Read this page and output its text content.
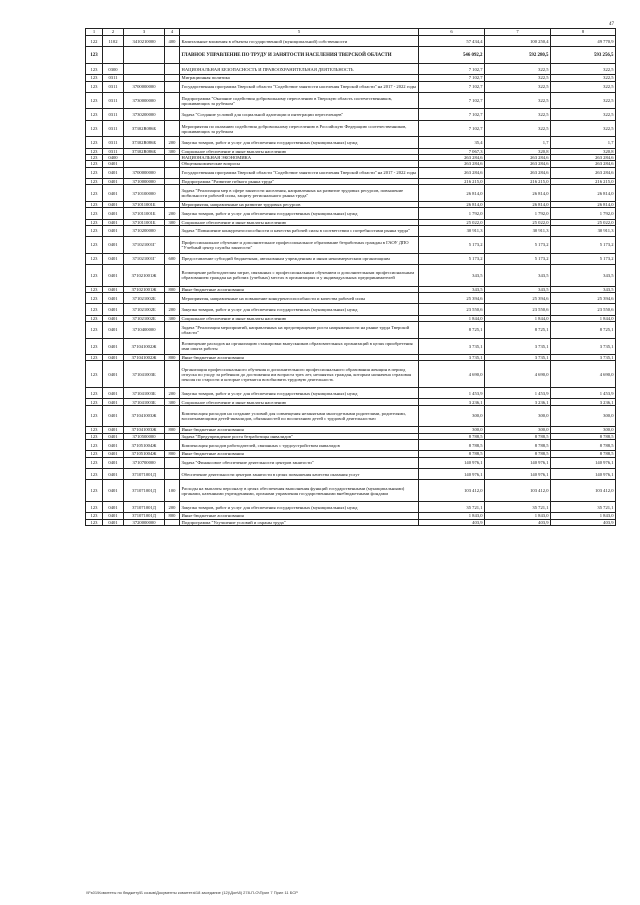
47
1	2	3	4	5	6	7	8
122	1102	3410210000	400	Капитальные вложения в объекты государственной (муниципальной) собственности	57 434,4	100 250,4	49 770,9
123				ГЛАВНОЕ УПРАВЛЕНИЕ ПО ТРУДУ И ЗАНЯТОСТИ НАСЕЛЕНИЯ ТВЕРСКОЙ ОБЛАСТИ	546 092,2	592 280,5	593 256,5
123	0300			НАЦИОНАЛЬНАЯ БЕЗОПАСНОСТЬ И ПРАВООХРАНИТЕЛЬНАЯ ДЕЯТЕЛЬНОСТЬ	7 102,7	322,5	322,5
123	0311			Миграционная политика	7 102,7	322,5	322,5
123	0311	3700000000		Государственная программа Тверской области "Содействие занятости населения Тверской области" на 2017 - 2022 годы	7 102,7	322,5	322,5
123	0311	3730000000		Подпрограмма "Оказание содействия добровольному переселению в Тверскую область соотечественников, проживающих за рубежом"	7 102,7	322,5	322,5
123	0311	3730200000		Задача "Создание условий для социальной адаптации и интеграции переселенцев"	7 102,7	322,5	322,5
123	0311	37302R086Б		Мероприятия по оказанию содействия добровольному переселению в Российскую Федерацию соотечественников, проживающих за рубежом	7 102,7	322,5	322,5
123	0311	37302R086Б	200	Закупка товаров, работ и услуг для обеспечения государственных (муниципальных) нужд	35,4	1,7	1,7
123	0311	37302R086Б	300	Социальное обеспечение и иные выплаты населению	7 067,3	320,8	320,8
123	0400			НАЦИОНАЛЬНАЯ ЭКОНОМИКА	263 284,6	263 284,6	263 284,6
123	0401			Общеэкономические вопросы	263 284,6	263 284,6	263 284,6
123	0401	3700000000		Государственная программа Тверской области "Содействие занятости населения Тверской области" на 2017 - 2022 годы	263 284,6	263 284,6	263 284,6
123	0401	3710000000		Подпрограмма "Развитие гибкого рынка труда"	216 215,0	216 215,0	216 215,0
123	0401	3710100000		Задача "Реализация мер в сфере занятости населения, направленных на развитие трудовых ресурсов, повышение мобильности рабочей силы, защиту регионального рынка труда"	26 814,0	26 814,0	26 814,0
123	0401	371011001Б		Мероприятия, направленные на развитие трудовых ресурсов	26 814,0	26 814,0	26 814,0
123	0401	371011001Б	200	Закупка товаров, работ и услуг для обеспечения государственных (муниципальных) нужд	1 792,0	1 792,0	1 792,0
123	0401	371011001Б	300	Социальное обеспечение и иные выплаты населению	25 022,0	25 022,0	25 022,0
123	0401	3710200000		Задача "Повышение конкурентоспособности и качества рабочей силы в соответствии с потребностями рынка труда"	30 911,3	30 911,3	30 911,3
123	0401	371021001Г		Профессиональное обучение и дополнительное профессиональное образование безработных граждан в ГАОУ ДПО "Учебный центр службы занятости"	5 173,2	5 173,2	5 173,2
123	0401	371021001Г	600	Предоставление субсидий бюджетным, автономным учреждениям и иным некоммерческим организациям	5 173,2	5 173,2	5 173,2
123	0401	371021001Ж		Возмещение работодателям затрат, связанных с профессиональным обучением и дополнительным профессиональным образованием граждан на рабочих (учебных) местах в организациях и у индивидуальных предпринимателей	343,5	343,5	343,5
123	0401	371021001Ж	800	Иные бюджетные ассигнования	343,5	343,5	343,5
123	0401	371021002Б		Мероприятия, направленные на повышение конкурентоспособности и качества рабочей силы	25 394,6	25 394,6	25 394,6
123	0401	371021002Б	200	Закупка товаров, работ и услуг для обеспечения государственных (муниципальных) нужд	23 550,6	23 550,6	23 550,6
123	0401	371021002Б	300	Социальное обеспечение и иные выплаты населению	1 844,0	1 844,0	1 844,0
123	0401	3710400000		Задача "Реализация мероприятий, направленных на предотвращение роста напряженности на рынке труда Тверской области"	8 725,1	8 725,1	8 725,1
123	0401	371041002Ж		Возмещение расходов на организацию стажировки выпускников образовательных организаций в целях приобретения ими опыта работы	3 735,1	3 735,1	3 735,1
123	0401	371041002Ж	800	Иные бюджетные ассигнования	3 735,1	3 735,1	3 735,1
123	0401	371041003Б		Организация профессионального обучения и дополнительного профессионального образования женщин в период отпуска по уходу за ребенком до достижения им возраста трех лет, незанятых граждан, которым назначена страховая пенсия по старости и которые стремятся возобновить трудовую деятельность	4 690,0	4 690,0	4 690,0
123	0401	371041003Б	200	Закупка товаров, работ и услуг для обеспечения государственных (муниципальных) нужд	1 453,9	1 453,9	1 453,9
123	0401	371041003Б	300	Социальное обеспечение и иные выплаты населению	3 236,1	3 236,1	3 236,1
123	0401	371041003Ж		Компенсация расходов на создание условий для совмещения незанятыми многодетными родителями, родителями, воспитывающими детей-инвалидов, обязанностей по воспитанию детей с трудовой деятельностью	300,0	300,0	300,0
123	0401	371041003Ж	800	Иные бюджетные ассигнования	300,0	300,0	300,0
123	0401	3710500000		Задача "Предупреждение роста безработицы инвалидов"	8 788,5	8 788,5	8 788,5
123	0401	371051004Ж		Компенсация расходов работодателей, связанных с трудоустройством инвалидов	8 788,5	8 788,5	8 788,5
123	0401	371051004Ж	800	Иные бюджетные ассигнования	8 788,5	8 788,5	8 788,5
123	0401	3710700000		Задача "Финансовое обеспечение деятельности центров занятости"	140 976,1	140 976,1	140 976,1
123	0401	371071001Д		Обеспечение деятельности центров занятости в целях повышения качества оказания услуг	140 976,1	140 976,1	140 976,1
123	0401	371071001Д	100	Расходы на выплаты персоналу в целях обеспечения выполнения функций государственными (муниципальными) органами, казенными учреждениями, органами управления государственными внебюджетными фондами	103 412,0	103 412,0	103 412,0
123	0401	371071001Д	200	Закупка товаров, работ и услуг для обеспечения государственных (муниципальных) нужд	35 721,1	35 721,1	35 721,1
123	0401	371071001Д	800	Иные бюджетные ассигнования	1 843,0	1 843,0	1 843,0
123	0401	3720000000		Подпрограмма "Улучшение условий и охраны труда"	403,9	403,9	403,9
\\Fs01\Комитеты по бюджету\Б созыв\Документы комитета\18 заседание (12)\Доп\8) 278-П-О\Прил 7 Прил 11 БСР
